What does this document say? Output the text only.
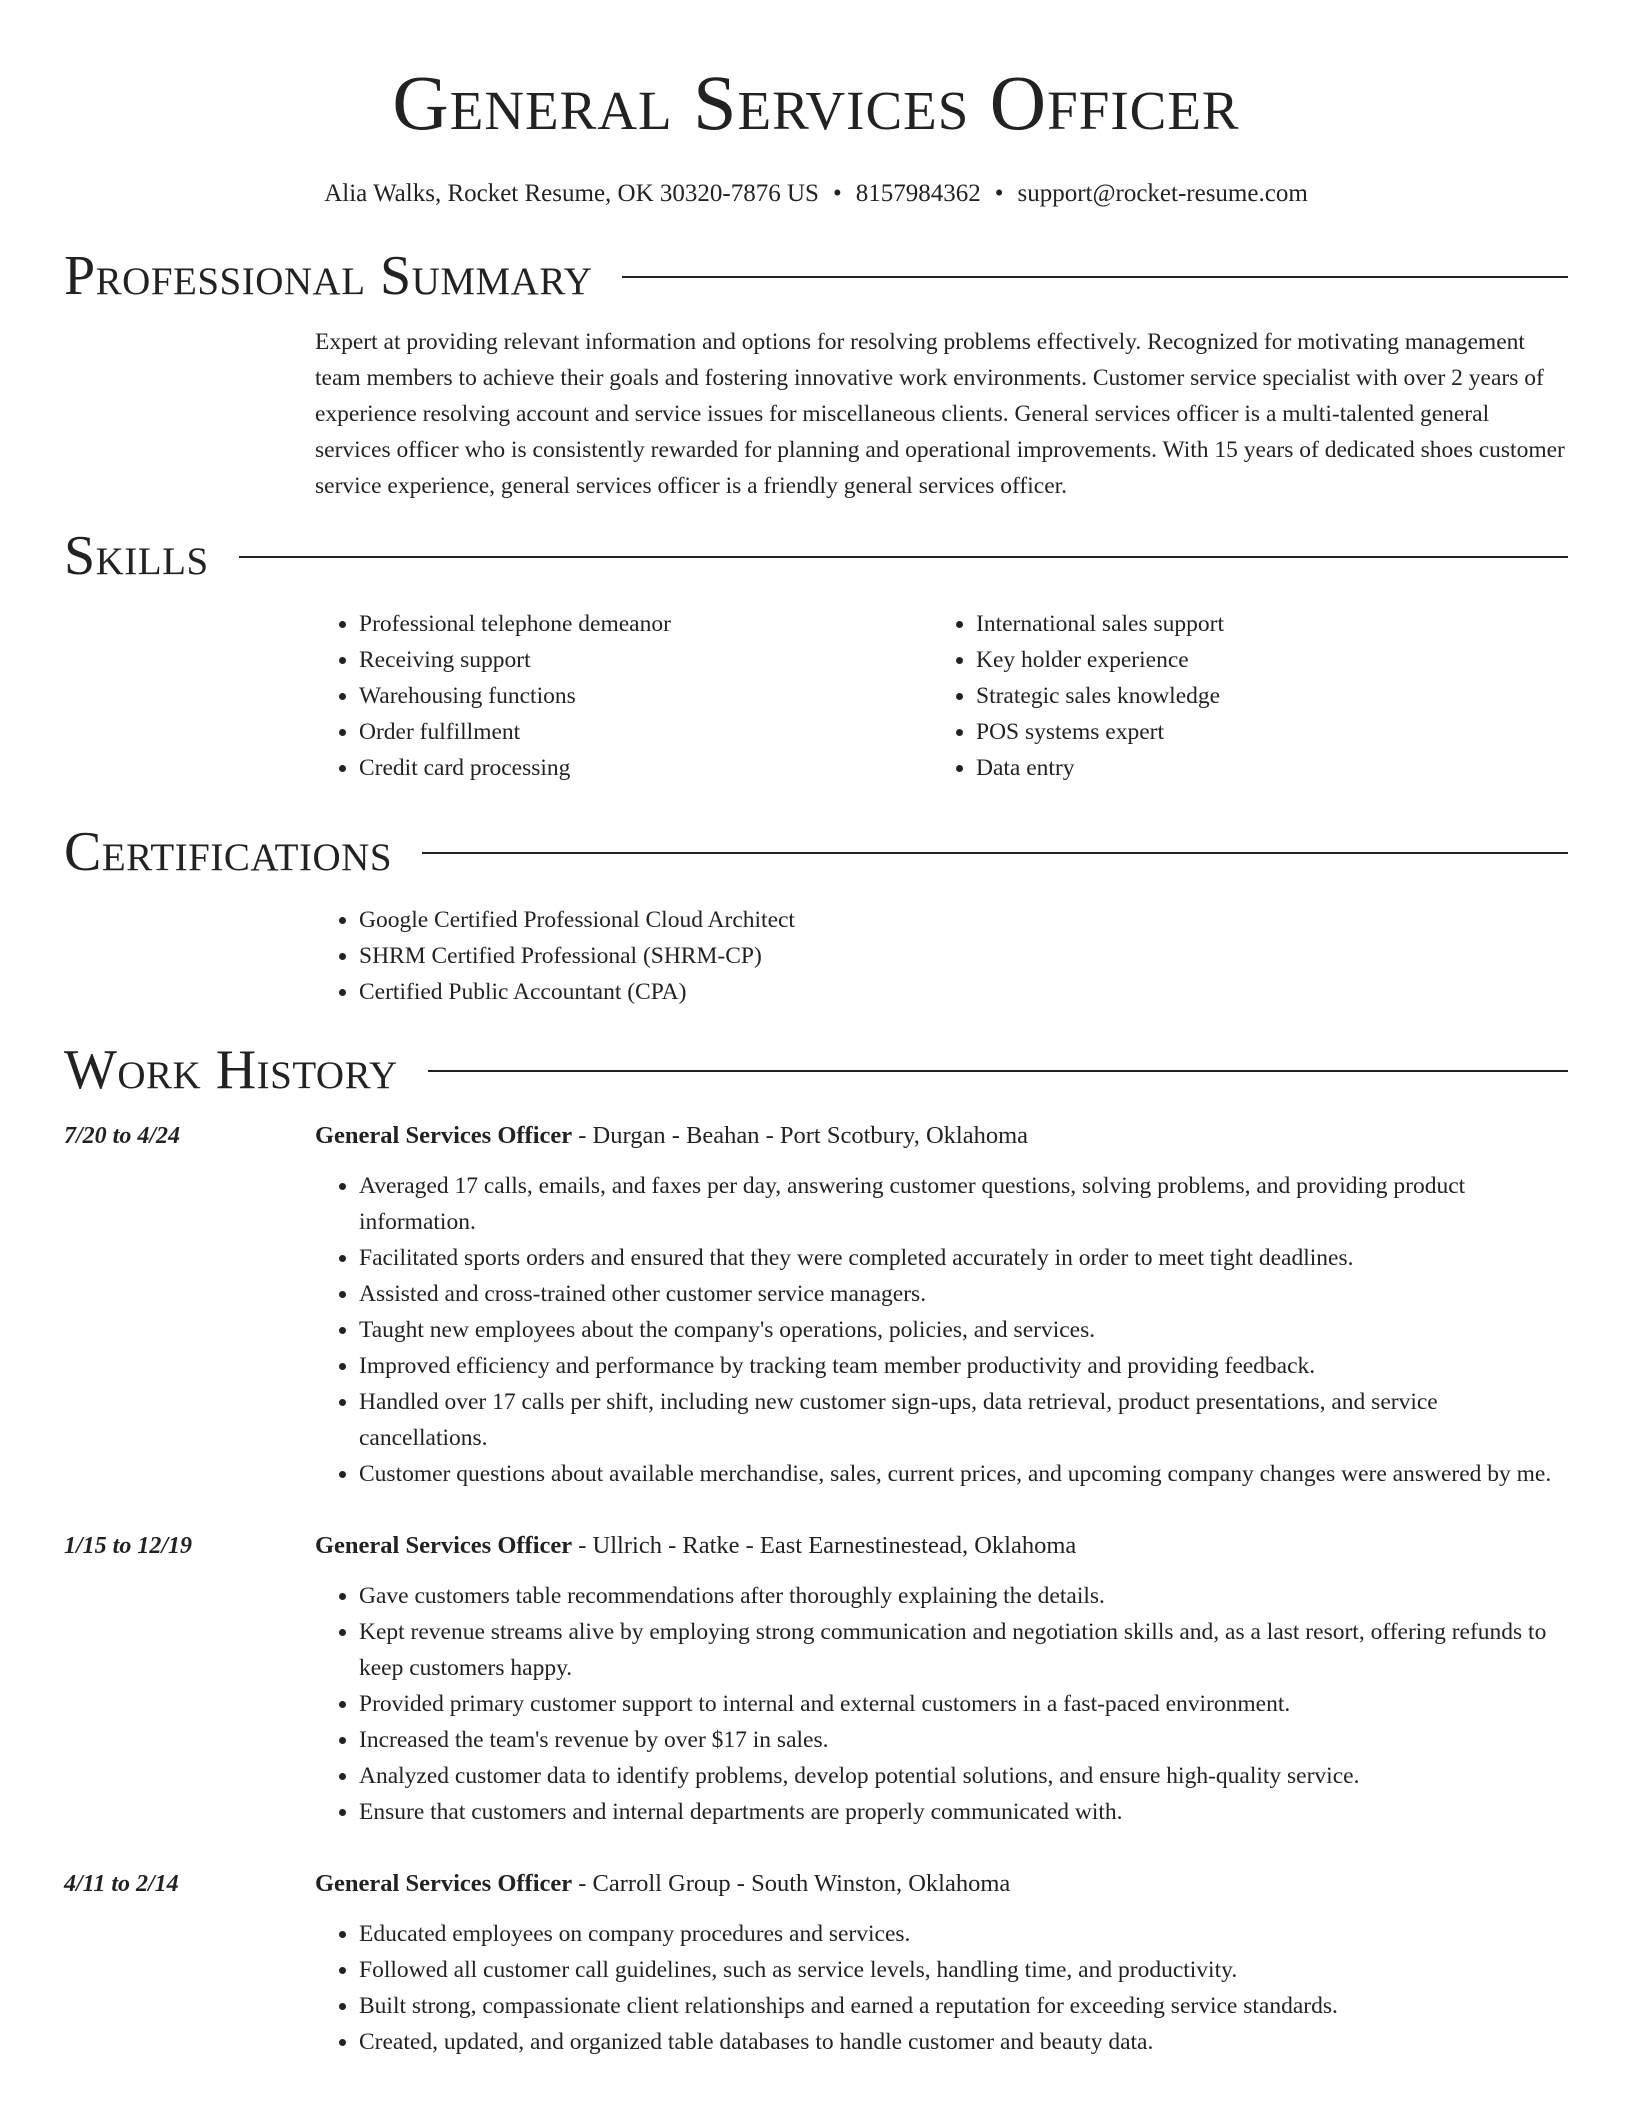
General Services Officer
Alia Walks, Rocket Resume, OK 30320-7876 US • 8157984362 • support@rocket-resume.com
Professional Summary

Expert at providing relevant information and options for resolving problems effectively. Recognized for motivating management team members to achieve their goals and fostering innovative work environments. Customer service specialist with over 2 years of experience resolving account and service issues for miscellaneous clients. General services officer is a multi-talented general services officer who is consistently rewarded for planning and operational improvements. With 15 years of dedicated shoes customer service experience, general services officer is a friendly general services officer.

Skills
• Professional telephone demeanor
• Receiving support
• Warehousing functions
• Order fulfillment
• Credit card processing
• International sales support
• Key holder experience
• Strategic sales knowledge
• POS systems expert
• Data entry
Certifications
• Google Certified Professional Cloud Architect
• SHRM Certified Professional (SHRM-CP)
• Certified Public Accountant (CPA)
Work History
7/20 to 4/24	General Services Officer - Durgan - Beahan - Port Scotbury, Oklahoma
• Averaged 17 calls, emails, and faxes per day, answering customer questions, solving problems, and providing product information.
• Facilitated sports orders and ensured that they were completed accurately in order to meet tight deadlines.
• Assisted and cross-trained other customer service managers.
• Taught new employees about the company's operations, policies, and services.
• Improved efficiency and performance by tracking team member productivity and providing feedback.
• Handled over 17 calls per shift, including new customer sign-ups, data retrieval, product presentations, and service cancellations.
• Customer questions about available merchandise, sales, current prices, and upcoming company changes were answered by me.
1/15 to 12/19	General Services Officer - Ullrich - Ratke - East Earnestinestead, Oklahoma
• Gave customers table recommendations after thoroughly explaining the details.
• Kept revenue streams alive by employing strong communication and negotiation skills and, as a last resort, offering refunds to keep customers happy.
• Provided primary customer support to internal and external customers in a fast-paced environment.
• Increased the team's revenue by over $17 in sales.
• Analyzed customer data to identify problems, develop potential solutions, and ensure high-quality service.
• Ensure that customers and internal departments are properly communicated with.
4/11 to 2/14	General Services Officer - Carroll Group - South Winston, Oklahoma
• Educated employees on company procedures and services.
• Followed all customer call guidelines, such as service levels, handling time, and productivity.
• Built strong, compassionate client relationships and earned a reputation for exceeding service standards.
• Created, updated, and organized table databases to handle customer and beauty data.
